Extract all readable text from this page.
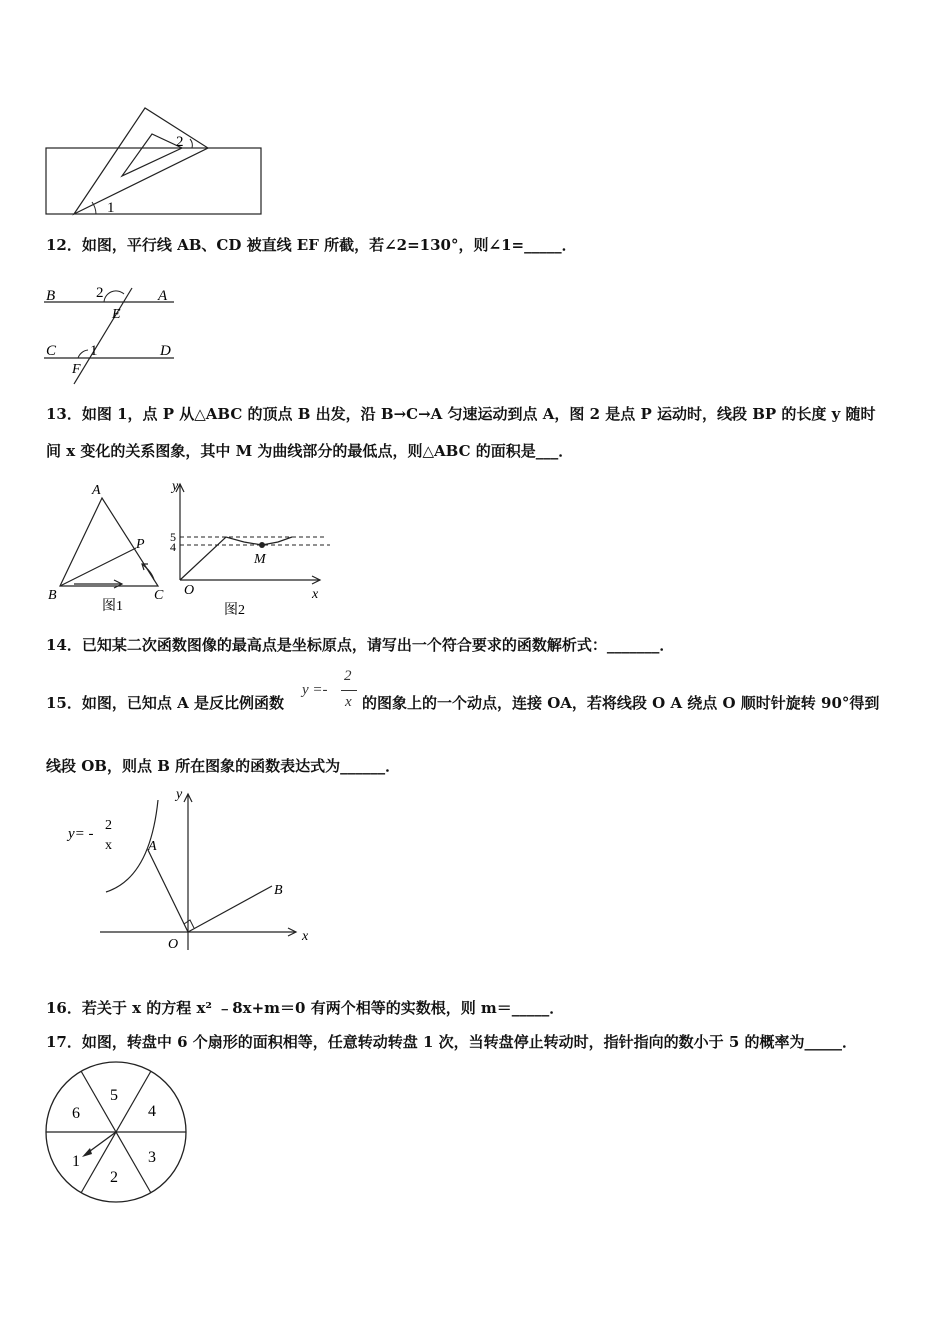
2
1
12．如图，平行线 AB、CD 被直线 EF 所截，若∠2=130°，则∠1=_____．
B	2	A
E
C 1	D
F
13．如图 1，点 P 从△ABC 的顶点 B 出发，沿 B→C→A 匀速运动到点 A，图 2 是点 P 运动时，线段 BP 的长度 y 随时
间 x 变化的关系图象，其中 M 为曲线部分的最低点，则△ABC 的面积是___．
A
P
B	C
图1
y
5
4
M
O	x
图2
14．已知某二次函数图像的最高点是坐标原点，请写出一个符合要求的函数解析式：_______．
15．如图，已知点 A 是反比例函数
y =-
2
x 的图象上的一个动点，连接 OA，若将线段 O A 绕点 O 顺时针旋转 90°得到
线段 OB，则点 B 所在图象的函数表达式为______．
y= -
2
x	A
B
O
x
y
16．若关于 x 的方程 x² ﹣8x+m＝0 有两个相等的实数根，则 m＝_____．
17．如图，转盘中 6 个扇形的面积相等，任意转动转盘 1 次，当转盘停止转动时，指针指向的数小于 5 的概率为_____．
5
4
3
2
1
6
